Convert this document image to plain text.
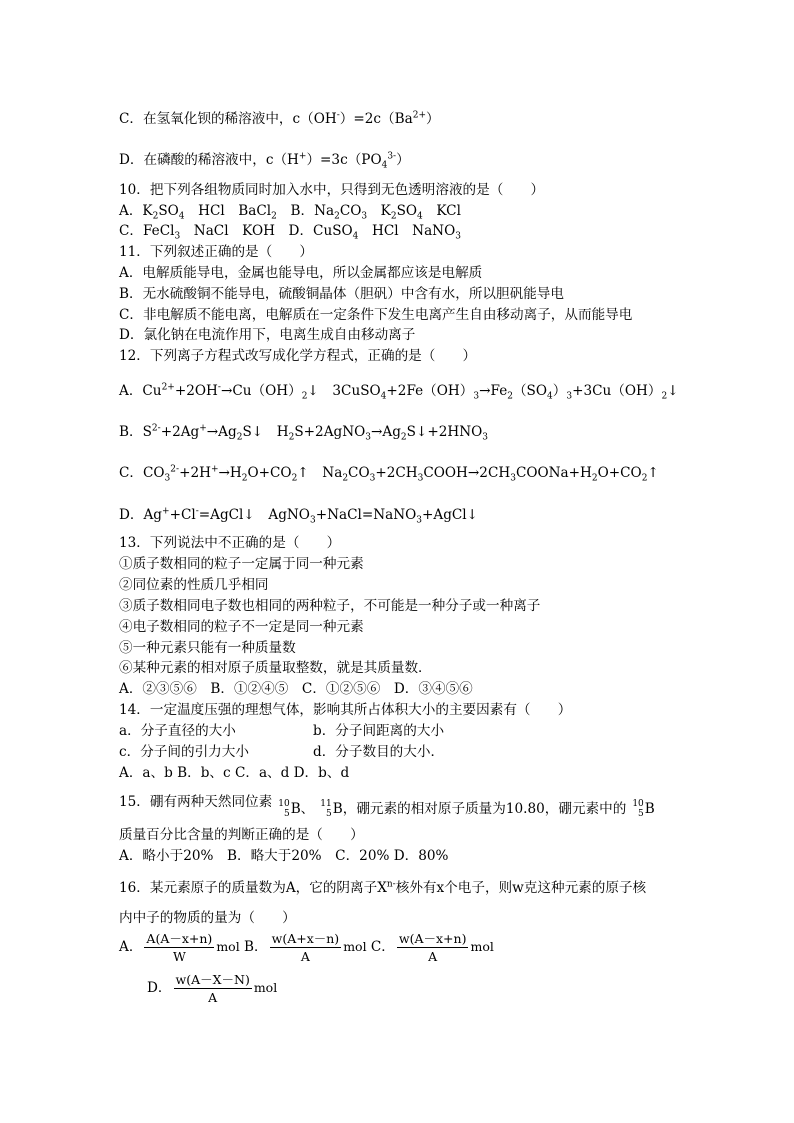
C．在氢氧化钡的稀溶液中，$c(OH^-)=2c(Ba^{2+})$
D．在磷酸的稀溶液中，$c(H^+)=3c(PO_4^{3-})$
10．把下列各组物质同时加入水中，只得到无色透明溶液的是（　　）
A．$K_2SO_4$　HCl　BaCl$_2$　B．$Na_2CO_3$　$K_2SO_4$　KCl
C．FeCl$_3$　NaCl　KOH　D．CuSO$_4$　HCl　NaNO$_3$
11．下列叙述正确的是（　　）
A．电解质能导电，金属也能导电，所以金属都应该是电解质
B．无水硫酸铜不能导电，硫酸铜晶体（胆矾）中含有水，所以胆矾能导电
C．非电解质不能电离，电解质在一定条件下发生电离产生自由移动离子，从而能导电
D．氯化钠在电流作用下，电离生成自由移动离子
12．下列离子方程式改写成化学方程式，正确的是（　　）
A．$Cu^{2+}+2OH^-\to Cu(OH)_2↓$　$3CuSO_4+2Fe(OH)_3\to Fe_2(SO_4)_3+3Cu(OH)_2↓$
B．$S^{2-}+2Ag^+\to Ag_2S↓$　$H_2S+2AgNO_3\to Ag_2S↓+2HNO_3$
C．$CO_3^{2-}+2H^+\to H_2O+CO_2↑$　$Na_2CO_3+2CH_3COOH\to 2CH_3COONa+H_2O+CO_2↑$
D．Ag++Cl-=AgCl↓　AgNO$_3$+NaCl=NaNO$_3$+AgCl↓
13．下列说法中不正确的是（　　）
①质子数相同的粒子一定属于同一种元素
②同位素的性质几乎相同
③质子数相同电子数也相同的两种粒子，不可能是一种分子或一种离子
④电子数相同的粒子不一定是同一种元素
⑤一种元素只能有一种质量数
⑥某种元素的相对原子质量取整数，就是其质量数．
A．②③⑤⑥　B．①②④⑤　C．①②⑤⑥　D．③④⑤⑥
14．一定温度压强的理想气体，影响其所占体积大小的主要因素有（　　）
a．分子直径的大小	b．分子间距离的大小
c．分子间的引力大小	d．分子数目的大小．
A．a、b B．b、c C．a、d D．b、d
15．硼有两种天然同位素 10
5 B、 11
5 B，硼元素的相对原子质量为10.80，硼元素中的 10
5 B
质量百分比含量的判断正确的是（　　）
A．略小于20%　B．略大于20%　C．20% D．80%
16．某元素原子的质量数为A，它的阴离子$X^{n-}$核外有x个电子，则w克这种元素的原子核
内中子的物质的量为（　　）
A． $\frac{A(A-x+n)}{W}$ mol B． $\frac{w(A+x-n)}{A}$ mol C． $\frac{w(A-x+n)}{A}$ mol
D． $\frac{w(A-X-N)}{A}$ mol
